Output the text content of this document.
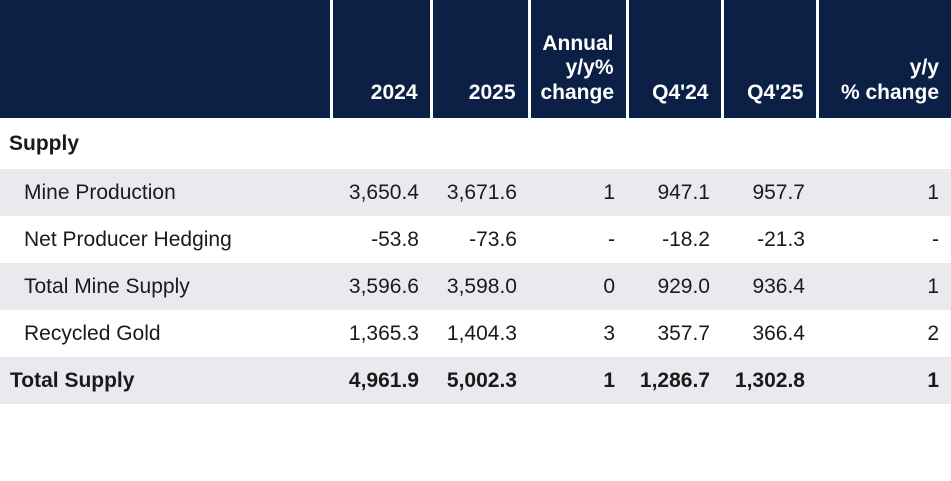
	2024	2025	Annual
y/y%
change	Q4'24	Q4'25	y/y
% change
Supply						
Mine Production	3,650.4	3,671.6	1	947.1	957.7	1
Net Producer Hedging	-53.8	-73.6	-	-18.2	-21.3	-
Total Mine Supply	3,596.6	3,598.0	0	929.0	936.4	1
Recycled Gold	1,365.3	1,404.3	3	357.7	366.4	2
Total Supply	4,961.9	5,002.3	1	1,286.7	1,302.8	1
